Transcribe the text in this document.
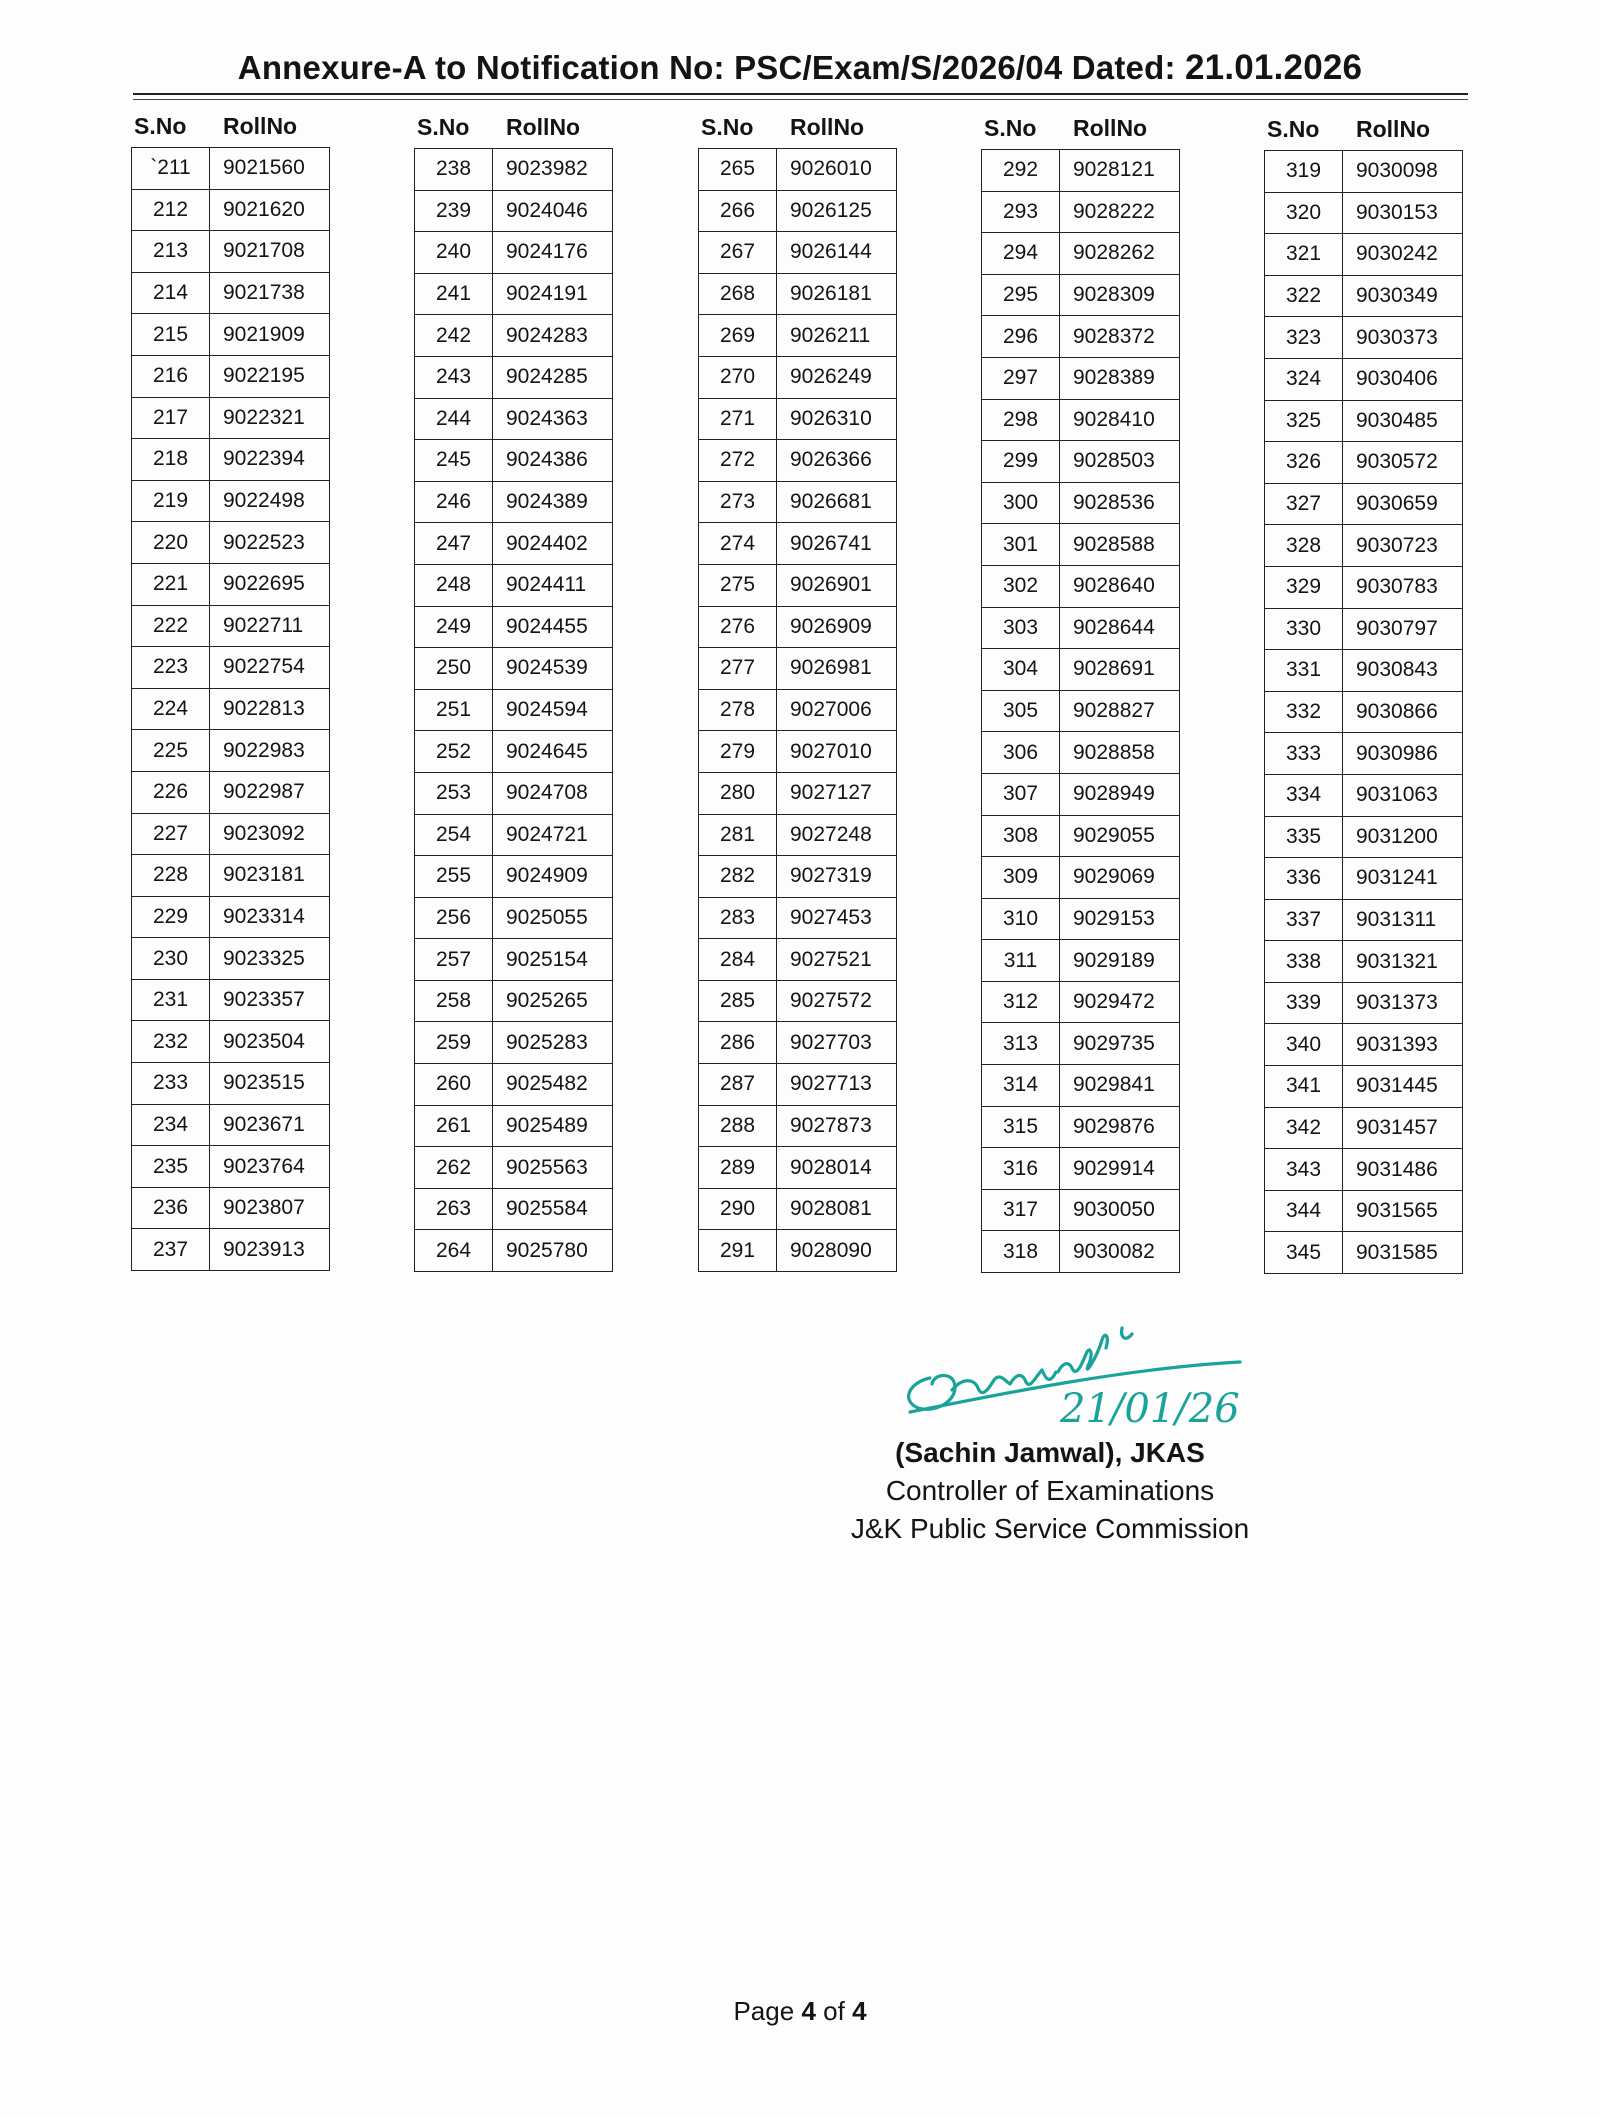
Annexure-A to Notification No: PSC/Exam/S/2026/04 Dated: 21.01.2026
S.No RollNo
`211	9021560
212	9021620
213	9021708
214	9021738
215	9021909
216	9022195
217	9022321
218	9022394
219	9022498
220	9022523
221	9022695
222	9022711
223	9022754
224	9022813
225	9022983
226	9022987
227	9023092
228	9023181
229	9023314
230	9023325
231	9023357
232	9023504
233	9023515
234	9023671
235	9023764
236	9023807
237	9023913
S.No RollNo
238	9023982
239	9024046
240	9024176
241	9024191
242	9024283
243	9024285
244	9024363
245	9024386
246	9024389
247	9024402
248	9024411
249	9024455
250	9024539
251	9024594
252	9024645
253	9024708
254	9024721
255	9024909
256	9025055
257	9025154
258	9025265
259	9025283
260	9025482
261	9025489
262	9025563
263	9025584
264	9025780
S.No RollNo
265	9026010
266	9026125
267	9026144
268	9026181
269	9026211
270	9026249
271	9026310
272	9026366
273	9026681
274	9026741
275	9026901
276	9026909
277	9026981
278	9027006
279	9027010
280	9027127
281	9027248
282	9027319
283	9027453
284	9027521
285	9027572
286	9027703
287	9027713
288	9027873
289	9028014
290	9028081
291	9028090
S.No RollNo
292	9028121
293	9028222
294	9028262
295	9028309
296	9028372
297	9028389
298	9028410
299	9028503
300	9028536
301	9028588
302	9028640
303	9028644
304	9028691
305	9028827
306	9028858
307	9028949
308	9029055
309	9029069
310	9029153
311	9029189
312	9029472
313	9029735
314	9029841
315	9029876
316	9029914
317	9030050
318	9030082
S.No RollNo
319	9030098
320	9030153
321	9030242
322	9030349
323	9030373
324	9030406
325	9030485
326	9030572
327	9030659
328	9030723
329	9030783
330	9030797
331	9030843
332	9030866
333	9030986
334	9031063
335	9031200
336	9031241
337	9031311
338	9031321
339	9031373
340	9031393
341	9031445
342	9031457
343	9031486
344	9031565
345	9031585
21/01/26
(Sachin Jamwal), JKAS
Controller of Examinations
J&K Public Service Commission
Page 4 of 4
